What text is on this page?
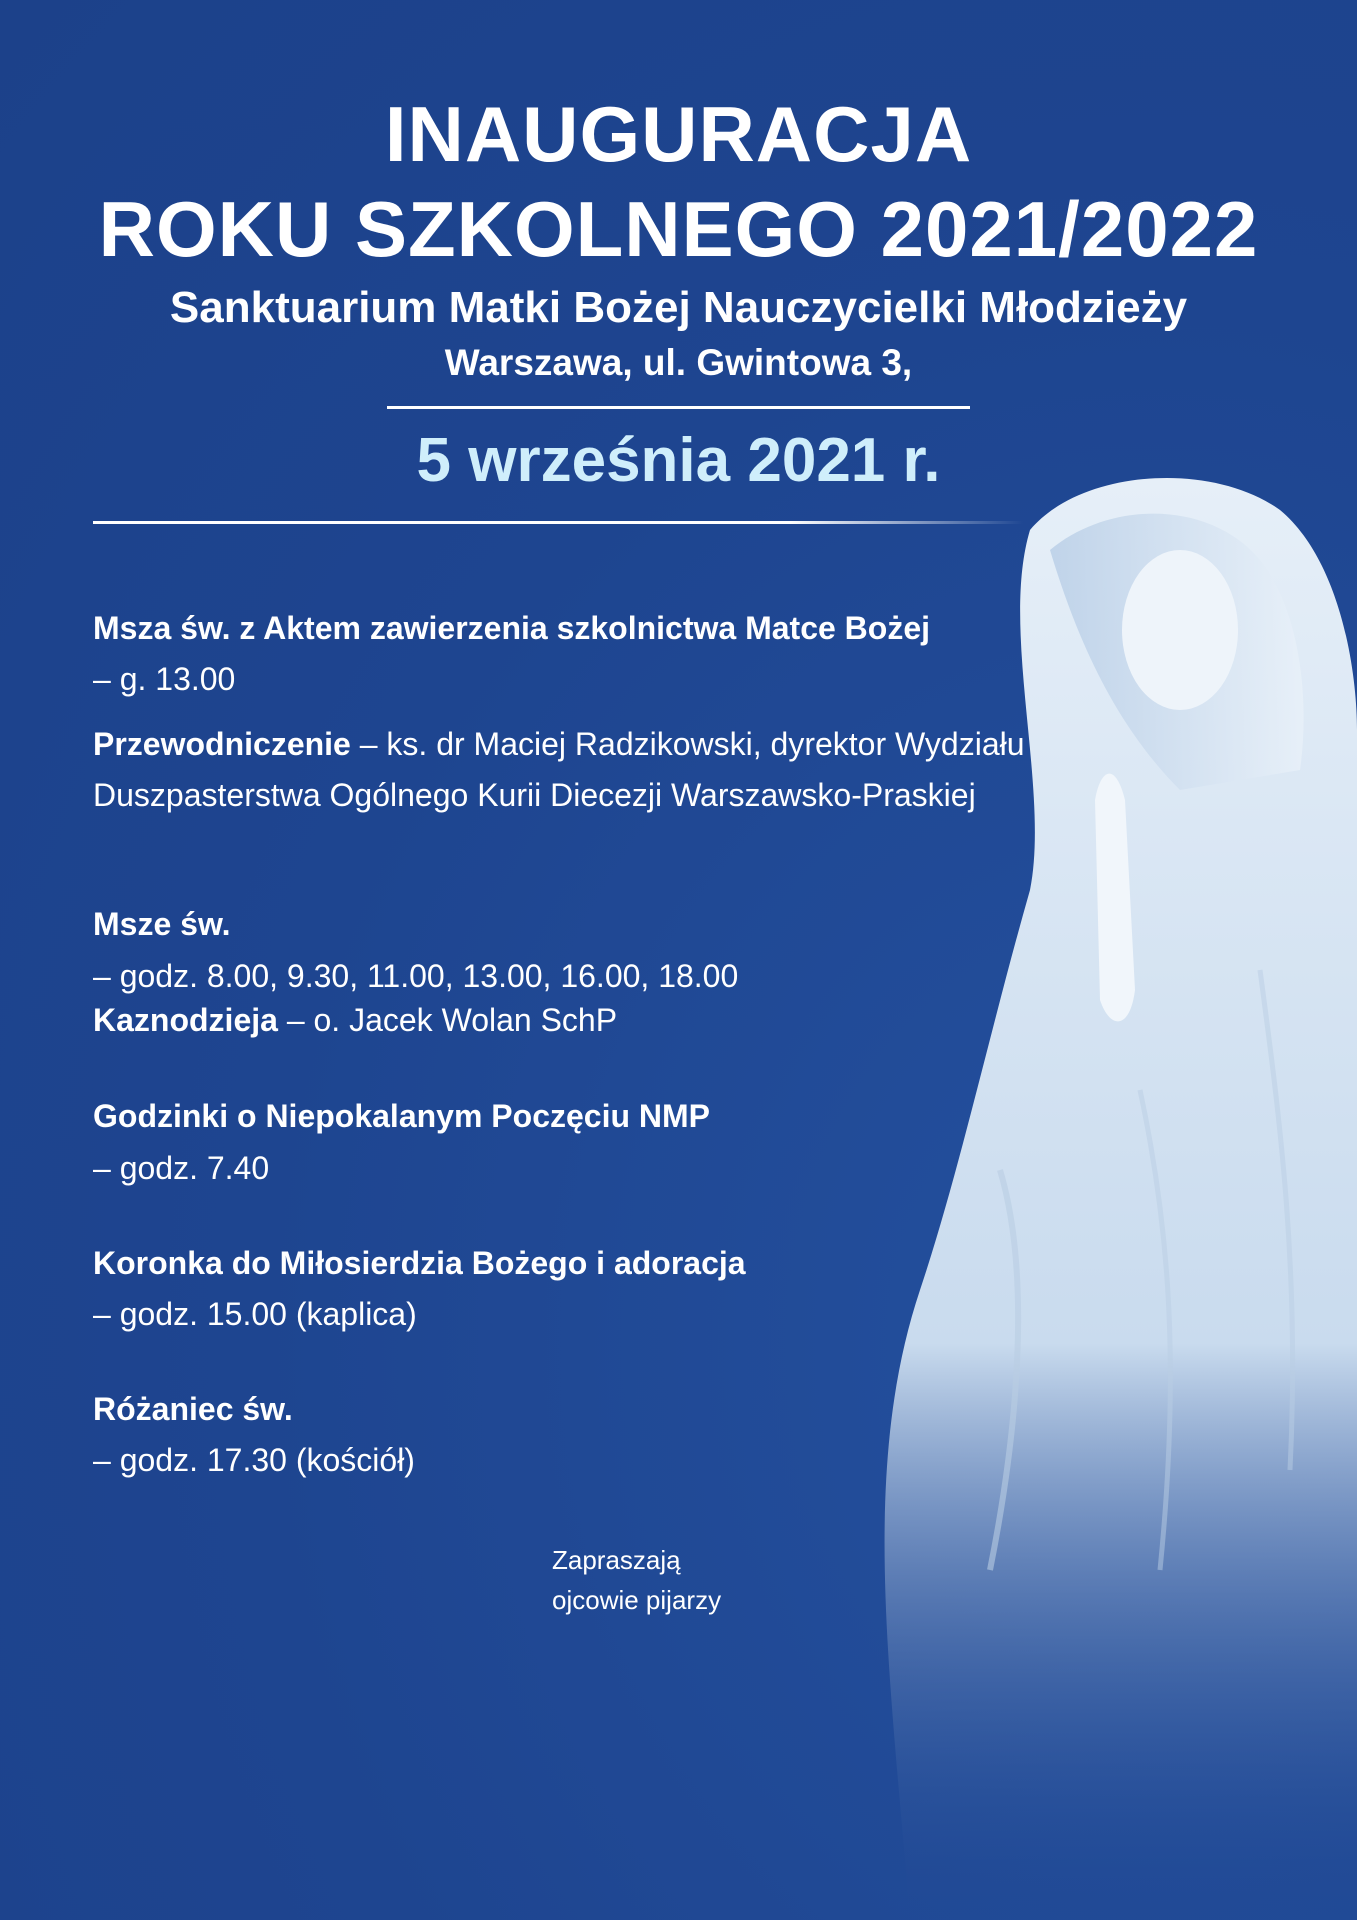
INAUGURACJA
ROKU SZKOLNEGO 2021/2022
Sanktuarium Matki Bożej Nauczycielki Młodzieży
Warszawa, ul. Gwintowa 3,
5 września 2021 r.
Msza św. z Aktem zawierzenia szkolnictwa Matce Bożej
– g. 13.00
Przewodniczenie – ks. dr Maciej Radzikowski, dyrektor Wydziału
Duszpasterstwa Ogólnego Kurii Diecezji Warszawsko-Praskiej
Msze św.
– godz. 8.00, 9.30, 11.00, 13.00, 16.00, 18.00
Kaznodzieja – o. Jacek Wolan SchP
Godzinki o Niepokalanym Poczęciu NMP
– godz. 7.40
Koronka do Miłosierdzia Bożego i adoracja
– godz. 15.00 (kaplica)
Różaniec św.
– godz. 17.30 (kościół)
Zapraszają
ojcowie pijarzy
